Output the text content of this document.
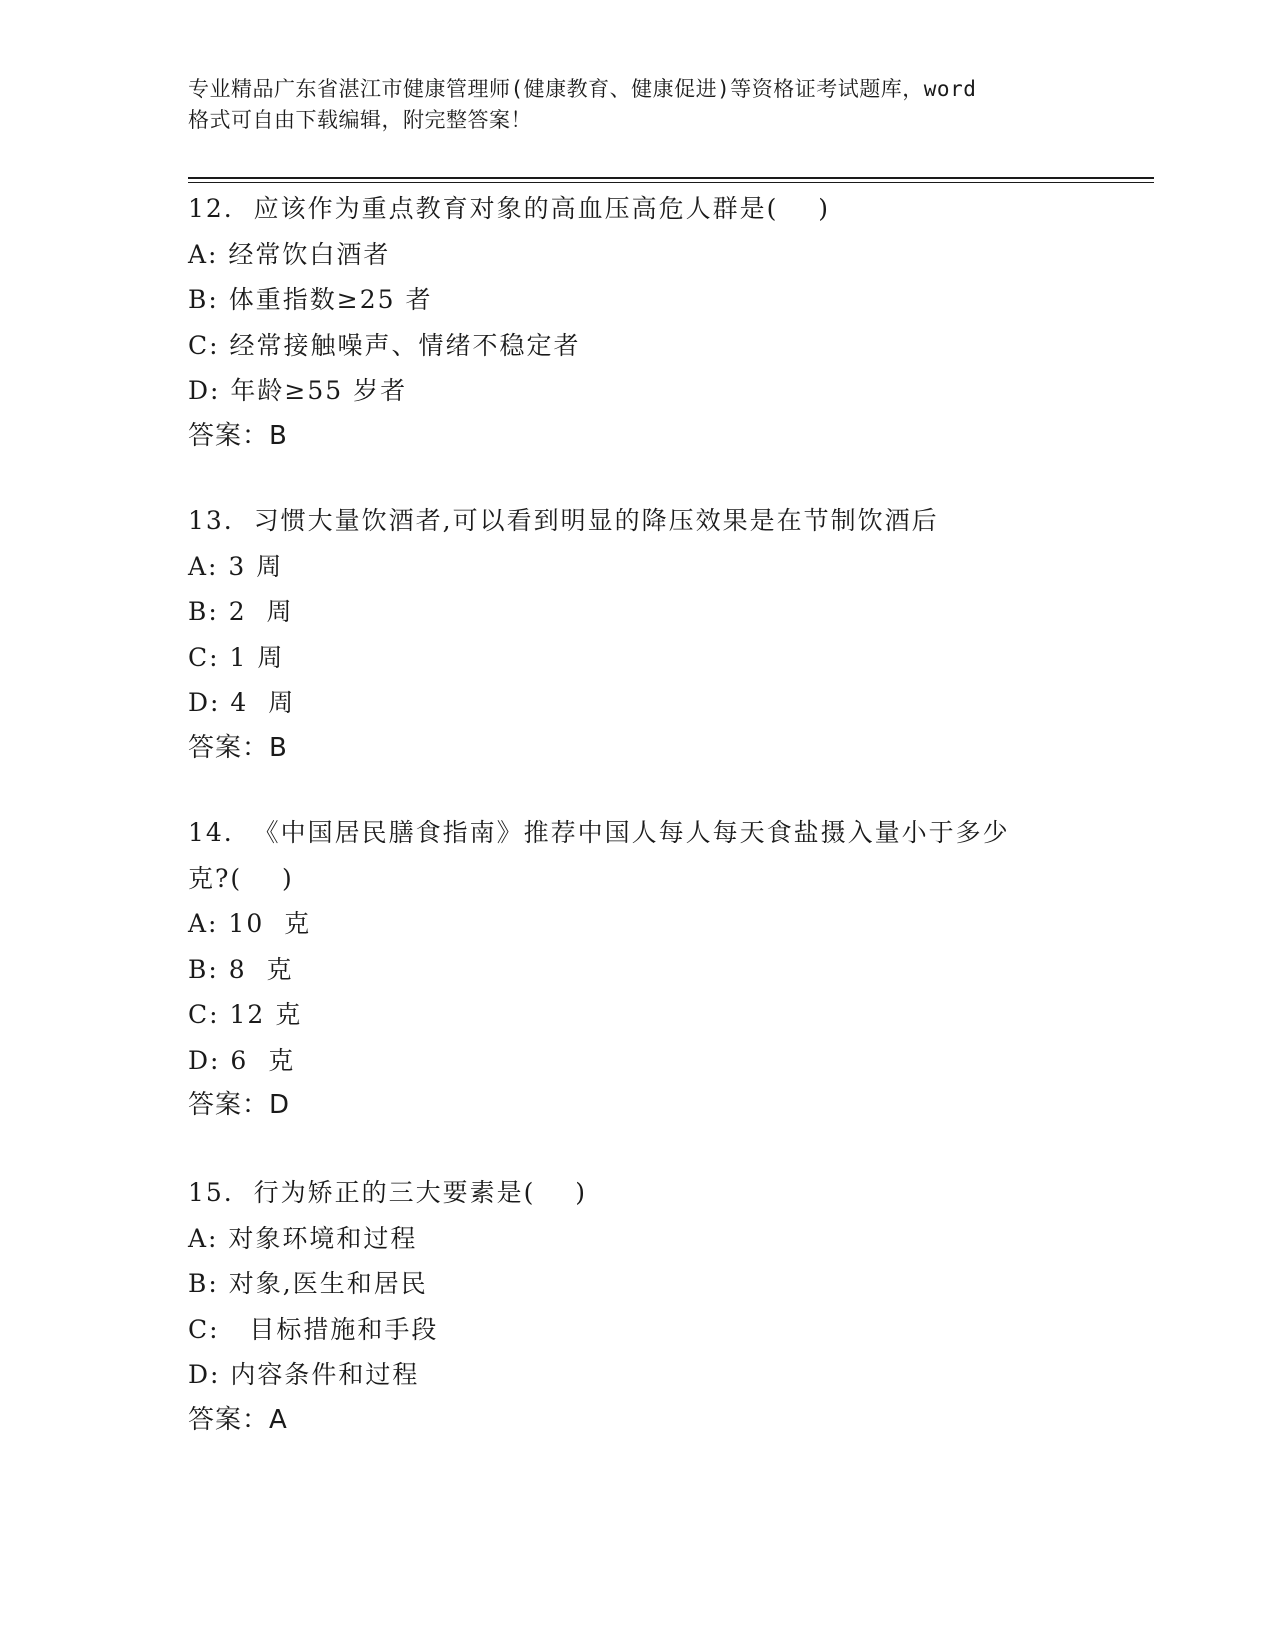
专业精品广东省湛江市健康管理师(健康教育、健康促进)等资格证考试题库，word
格式可自由下载编辑，附完整答案！
12.  应该作为重点教育对象的高血压高危人群是(    )
A: 经常饮白酒者
B: 体重指数≥25 者
C: 经常接触噪声、情绪不稳定者
D: 年龄≥55 岁者
答案：B
13.  习惯大量饮酒者,可以看到明显的降压效果是在节制饮酒后
A: 3 周
B: 2  周
C: 1 周
D: 4  周
答案：B
14.  《中国居民膳食指南》推荐中国人每人每天食盐摄入量小于多少
克?(    )
A: 10  克
B: 8  克
C: 12 克
D: 6  克
答案：D
15.  行为矫正的三大要素是(    )
A: 对象环境和过程
B: 对象,医生和居民
C:   目标措施和手段
D: 内容条件和过程
答案：A
